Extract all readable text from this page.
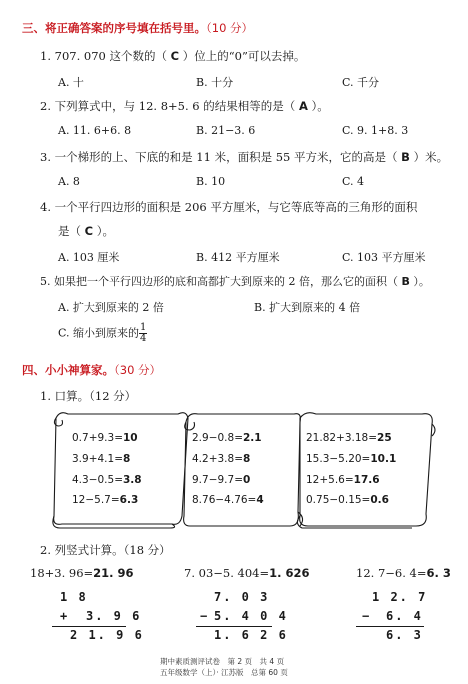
三、将正确答案的序号填在括号里。（10 分）
1. 707. 070 这个数的（ C ）位上的“0”可以去掉。
A. 十	B. 十分	C. 千分
2. 下列算式中，与 12. 8+5. 6 的结果相等的是（ A ）。
A. 11. 6+6. 8	B. 21−3. 6	C. 9. 1+8. 3
3. 一个梯形的上、下底的和是 11 米，面积是 55 平方米，它的高是（ B ）米。
A. 8	B. 10	C. 4
4. 一个平行四边形的面积是 206 平方厘米，与它等底等高的三角形的面积
是（ C ）。
A. 103 厘米	B. 412 平方厘米	C. 103 平方厘米
5. 如果把一个平行四边形的底和高都扩大到原来的 2 倍，那么它的面积（ B ）。
A. 扩大到原来的 2 倍	B. 扩大到原来的 4 倍
C. 缩小到原来的 $\frac{1}{4}$
四、小小神算家。（30 分）
1. 口算。（12 分）
0.7+9.3=10
3.9+4.1=8
4.3−0.5=3.8
12−5.7=6.3
2.9−0.8=2.1
4.2+3.8=8
9.7−9.7=0
8.76−4.76=4
21.82+3.18=25
15.3−5.20=10.1
12+5.6=17.6
0.75−0.15=0.6
2. 列竖式计算。（18 分）
18+3. 96=21. 96
1 8
+ 3. 9 6
2 1. 9 6
7. 03−5. 404=1. 626
7. 0 3
− 5. 4 0 4
1. 6 2 6
12. 7−6. 4=6. 3
1 2. 7
− 6. 4
6. 3
期中素质测评试卷　第 2 页　共 4 页
五年级数学（上）· 江苏版　总第 60 页
